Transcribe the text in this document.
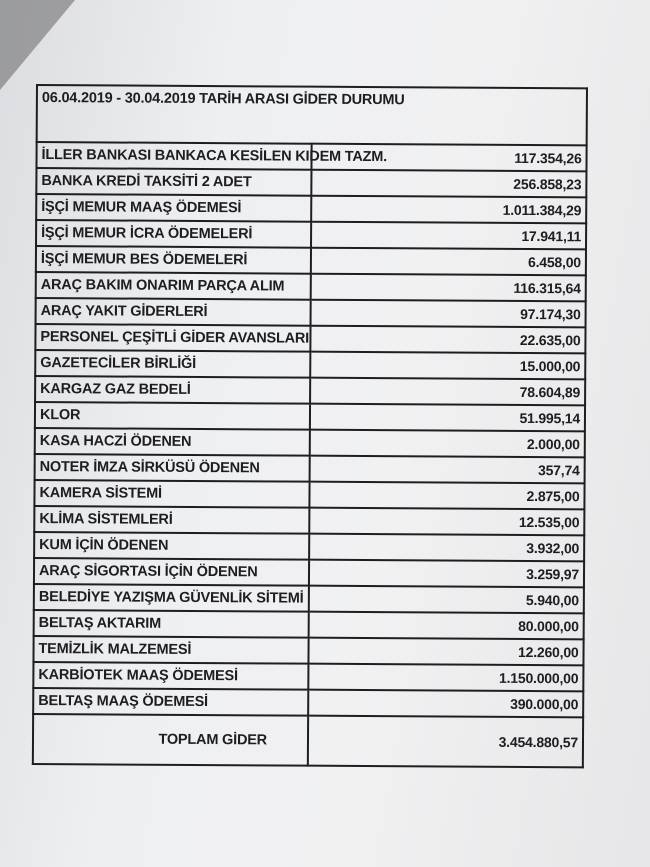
06.04.2019 - 30.04.2019 TARİH ARASI GİDER DURUMU	
İLLER BANKASI BANKACA KESİLEN KIDEM TAZM.	117.354,26
BANKA KREDİ TAKSİTİ 2 ADET	256.858,23
İŞÇİ MEMUR MAAŞ ÖDEMESİ	1.011.384,29
İŞÇİ MEMUR İCRA ÖDEMELERİ	17.941,11
İŞÇİ MEMUR BES ÖDEMELERİ	6.458,00
ARAÇ BAKIM ONARIM PARÇA ALIM	116.315,64
ARAÇ YAKIT GİDERLERİ	97.174,30
PERSONEL ÇEŞİTLİ GİDER AVANSLARI	22.635,00
GAZETECİLER BİRLİĞİ	15.000,00
KARGAZ GAZ BEDELİ	78.604,89
KLOR	51.995,14
KASA HACZİ ÖDENEN	2.000,00
NOTER İMZA SİRKÜSÜ ÖDENEN	357,74
KAMERA SİSTEMİ	2.875,00
KLİMA SİSTEMLERİ	12.535,00
KUM İÇİN ÖDENEN	3.932,00
ARAÇ SİGORTASI İÇİN ÖDENEN	3.259,97
BELEDİYE YAZIŞMA GÜVENLİK SİTEMİ	5.940,00
BELTAŞ AKTARIM	80.000,00
TEMİZLİK MALZEMESİ	12.260,00
KARBİOTEK MAAŞ ÖDEMESİ	1.150.000,00
BELTAŞ MAAŞ ÖDEMESİ	390.000,00
TOPLAM GİDER	3.454.880,57
